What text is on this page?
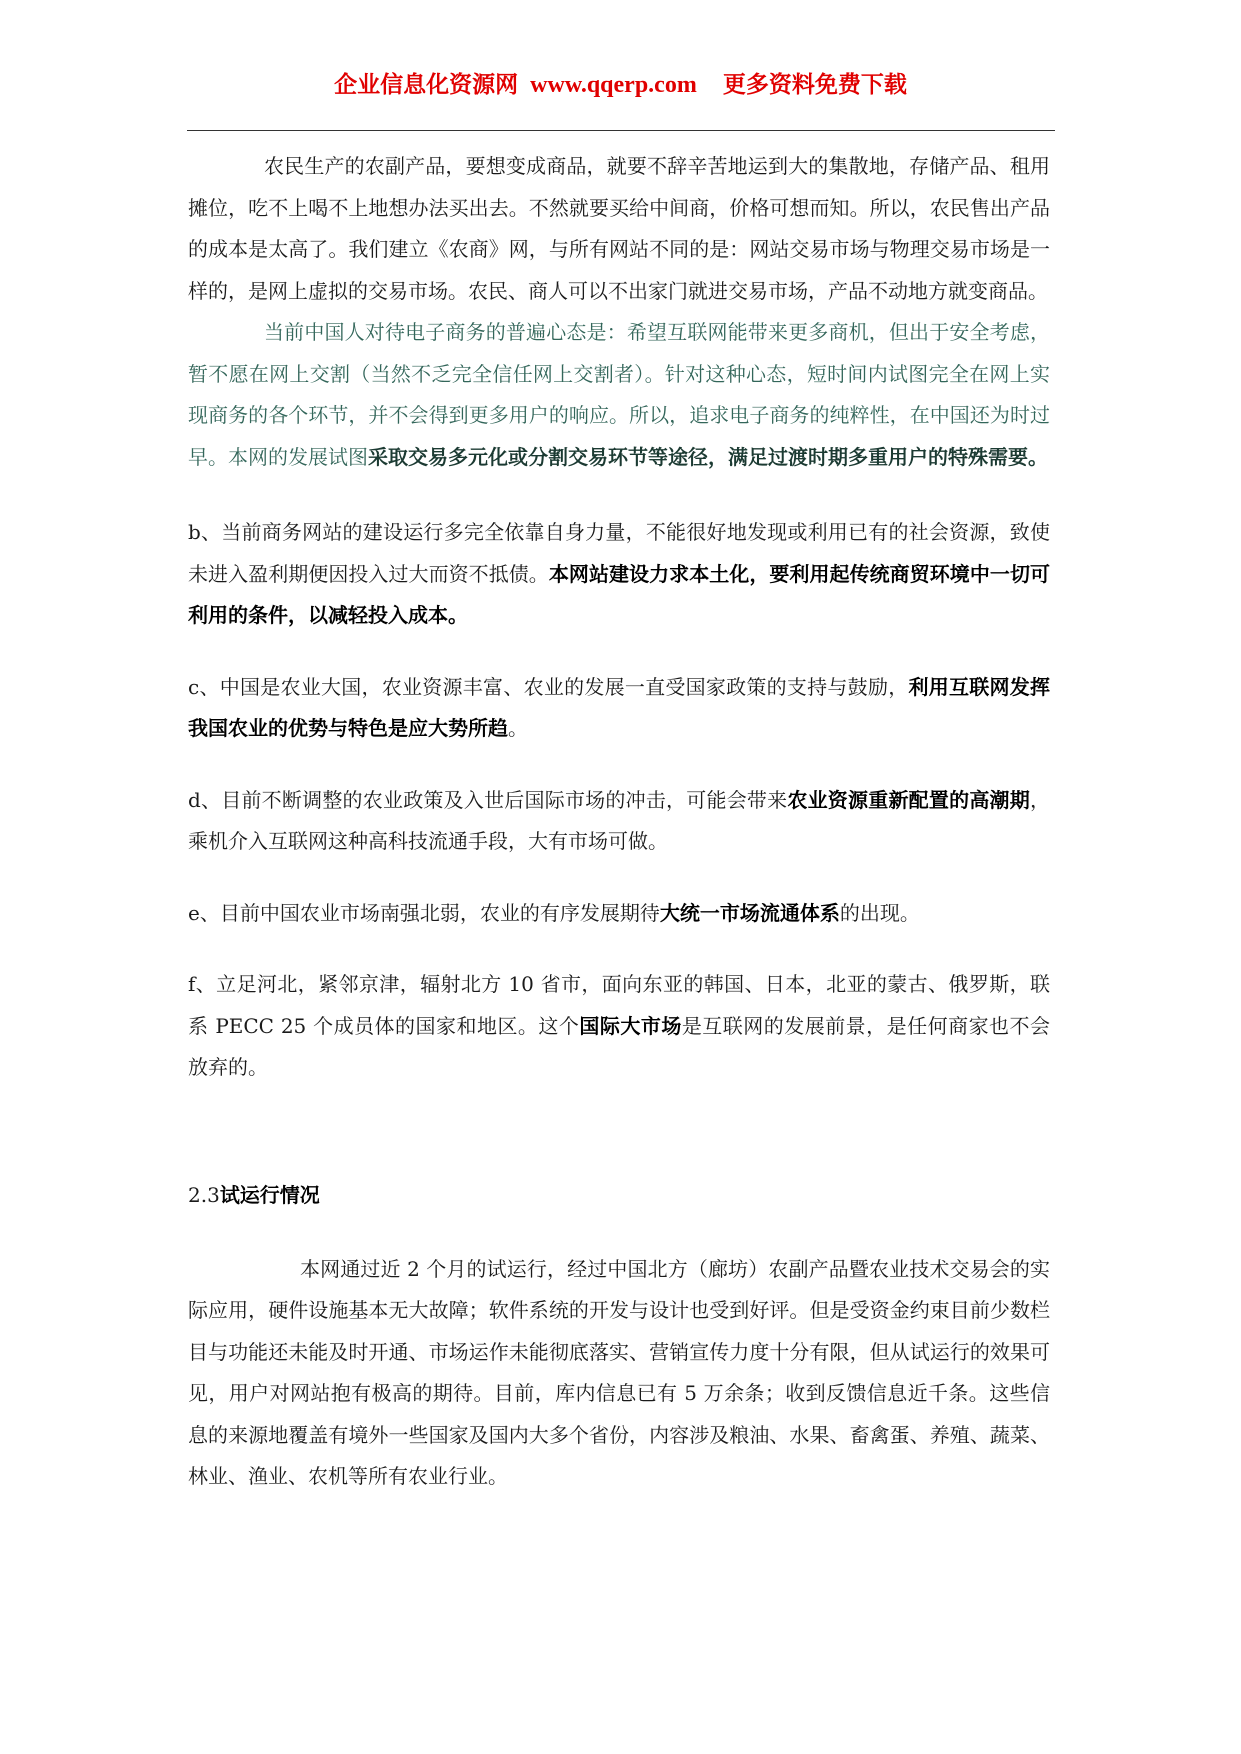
企业信息化资源网 www.qqerp.com 更多资料免费下载

农民生产的农副产品，要想变成商品，就要不辞辛苦地运到大的集散地，存储产品、租用摊位，吃不上喝不上地想办法买出去。不然就要买给中间商，价格可想而知。所以，农民售出产品的成本是太高了。我们建立《农商》网，与所有网站不同的是：网站交易市场与物理交易市场是一样的，是网上虚拟的交易市场。农民、商人可以不出家门就进交易市场，产品不动地方就变商品。

当前中国人对待电子商务的普遍心态是：希望互联网能带来更多商机，但出于安全考虑，暂不愿在网上交割（当然不乏完全信任网上交割者）。针对这种心态，短时间内试图完全在网上实现商务的各个环节，并不会得到更多用户的响应。所以，追求电子商务的纯粹性，在中国还为时过早。本网的发展试图采取交易多元化或分割交易环节等途径，满足过渡时期多重用户的特殊需要。

b、当前商务网站的建设运行多完全依靠自身力量，不能很好地发现或利用已有的社会资源，致使未进入盈利期便因投入过大而资不抵债。本网站建设力求本土化，要利用起传统商贸环境中一切可利用的条件，以减轻投入成本。

c、中国是农业大国，农业资源丰富、农业的发展一直受国家政策的支持与鼓励，利用互联网发挥我国农业的优势与特色是应大势所趋。

d、目前不断调整的农业政策及入世后国际市场的冲击，可能会带来农业资源重新配置的高潮期，乘机介入互联网这种高科技流通手段，大有市场可做。

e、目前中国农业市场南强北弱，农业的有序发展期待大统一市场流通体系的出现。

f、立足河北，紧邻京津，辐射北方 10 省市，面向东亚的韩国、日本，北亚的蒙古、俄罗斯，联系 PECC 25 个成员体的国家和地区。这个国际大市场是互联网的发展前景，是任何商家也不会放弃的。

2.3试运行情况

本网通过近 2 个月的试运行，经过中国北方（廊坊）农副产品暨农业技术交易会的实际应用，硬件设施基本无大故障；软件系统的开发与设计也受到好评。但是受资金约束目前少数栏目与功能还未能及时开通、市场运作未能彻底落实、营销宣传力度十分有限，但从试运行的效果可见，用户对网站抱有极高的期待。目前，库内信息已有 5 万余条；收到反馈信息近千条。这些信息的来源地覆盖有境外一些国家及国内大多个省份，内容涉及粮油、水果、畜禽蛋、养殖、蔬菜、林业、渔业、农机等所有农业行业。
